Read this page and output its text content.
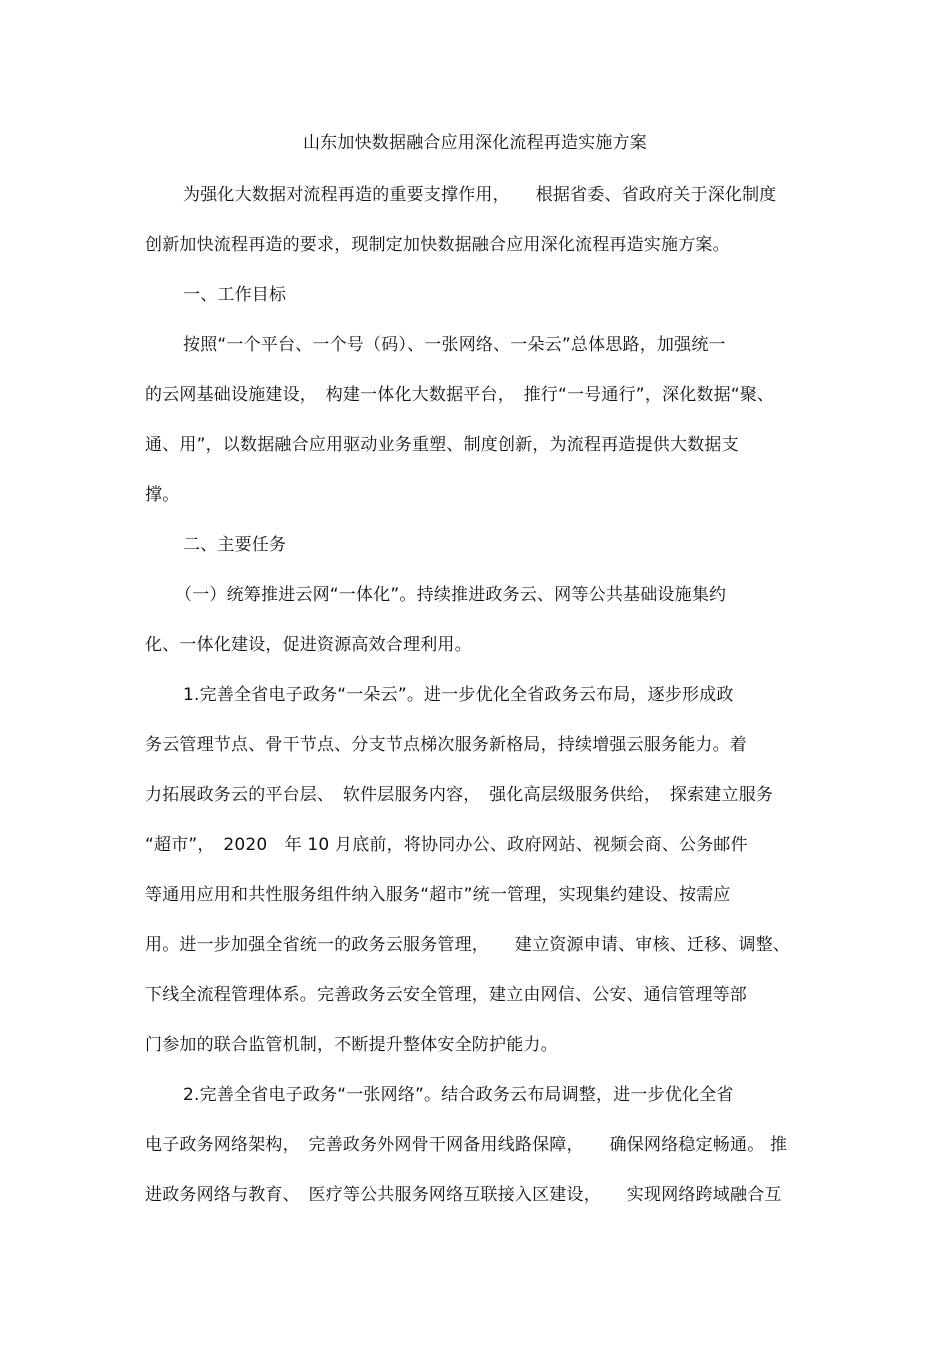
山东加快数据融合应用深化流程再造实施方案
为强化大数据对流程再造的重要支撑作用，　　根据省委、省政府关于深化制度
创新加快流程再造的要求，现制定加快数据融合应用深化流程再造实施方案。
一、工作目标
按照“一个平台、一个号（码）、一张网络、一朵云”总体思路，加强统一
的云网基础设施建设，　构建一体化大数据平台，　推行“一号通行”，深化数据“聚、
通、用”，以数据融合应用驱动业务重塑、制度创新，为流程再造提供大数据支
撑。
二、主要任务
（一）统筹推进云网“一体化”。持续推进政务云、网等公共基础设施集约
化、一体化建设，促进资源高效合理利用。
1.完善全省电子政务“一朵云”。进一步优化全省政务云布局，逐步形成政
务云管理节点、骨干节点、分支节点梯次服务新格局，持续增强云服务能力。着
力拓展政务云的平台层、　软件层服务内容，　强化高层级服务供给，　探索建立服务
“超市”，　2020　年 10 月底前，将协同办公、政府网站、视频会商、公务邮件
等通用应用和共性服务组件纳入服务“超市”统一管理，实现集约建设、按需应
用。进一步加强全省统一的政务云服务管理，　　建立资源申请、审核、迁移、调整、
下线全流程管理体系。完善政务云安全管理，建立由网信、公安、通信管理等部
门参加的联合监管机制，不断提升整体安全防护能力。
2.完善全省电子政务“一张网络”。结合政务云布局调整，进一步优化全省
电子政务网络架构，　完善政务外网骨干网备用线路保障，　　确保网络稳定畅通。 推
进政务网络与教育、　医疗等公共服务网络互联接入区建设，　　实现网络跨域融合互
